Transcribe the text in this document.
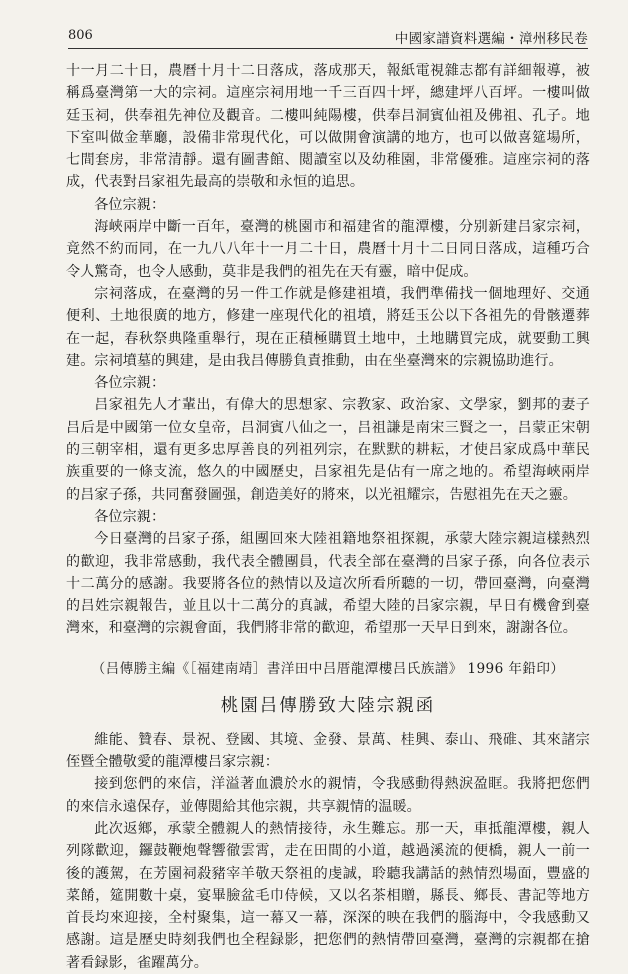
806	中國家譜資料選編・漳州移民卷

十一月二十日，農曆十月十二日落成，落成那天，報紙電視雜志都有詳細報導，被稱爲臺灣第一大的宗祠。這座宗祠用地一千三百四十坪，總建坪八百坪。一樓叫做廷玉祠，供奉祖先神位及觀音。二樓叫純陽樓，供奉吕洞賓仙祖及佛祖、孔子。地下室叫做金華廳，設備非常現代化，可以做開會演講的地方，也可以做喜筵場所，七間套房，非常清靜。還有圖書館、閲讀室以及幼稚園，非常優雅。這座宗祠的落成，代表對吕家祖先最高的崇敬和永恒的追思。

各位宗親：

海峽兩岸中斷一百年，臺灣的桃園市和福建省的龍潭樓，分别新建吕家宗祠，竟然不約而同，在一九八八年十一月二十日，農曆十月十二日同日落成，這種巧合令人驚奇，也令人感動，莫非是我們的祖先在天有靈，暗中促成。

宗祠落成，在臺灣的另一件工作就是修建祖墳，我們準備找一個地理好、交通便利、土地很廣的地方，修建一座現代化的祖墳，將廷玉公以下各祖先的骨骸遷葬在一起，春秋祭典隆重舉行，現在正積極購買土地中，土地購買完成，就要動工興建。宗祠墳墓的興建，是由我吕傳勝負責推動，由在坐臺灣來的宗親協助進行。

各位宗親：

吕家祖先人才輩出，有偉大的思想家、宗教家、政治家、文學家，劉邦的妻子吕后是中國第一位女皇帝，吕洞賓八仙之一，吕祖謙是南宋三賢之一，吕蒙正宋朝的三朝宰相，還有更多忠厚善良的列祖列宗，在默默的耕耘，才使吕家成爲中華民族重要的一條支流，悠久的中國歷史，吕家祖先是佔有一席之地的。希望海峽兩岸的吕家子孫，共同奮發圖强，創造美好的將來，以光祖耀宗，告慰祖先在天之靈。

各位宗親：

今日臺灣的吕家子孫，組團回來大陸祖籍地祭祖探親，承蒙大陸宗親這樣熱烈的歡迎，我非常感動，我代表全體團員，代表全部在臺灣的吕家子孫，向各位表示十二萬分的感謝。我要將各位的熱情以及這次所看所聽的一切，帶回臺灣，向臺灣的吕姓宗親報告，並且以十二萬分的真誠，希望大陸的吕家宗親，早日有機會到臺灣來，和臺灣的宗親會面，我們將非常的歡迎，希望那一天早日到來，謝謝各位。

（吕傳勝主編《［福建南靖］書洋田中吕厝龍潭樓吕氏族譜》 1996 年鉛印）
桃園吕傳勝致大陸宗親函

維能、贊春、景祝、登國、其境、金發、景萬、桂興、泰山、飛碓、其來諸宗侄暨全體敬愛的龍潭樓吕家宗親：

接到您們的來信，洋溢著血濃於水的親情，令我感動得熱淚盈眶。我將把您們的來信永遠保存，並傳閲給其他宗親，共享親情的温暖。

此次返鄉，承蒙全體親人的熱情接待，永生難忘。那一天，車抵龍潭樓，親人列隊歡迎，鑼鼓鞭炮聲響徹雲霄，走在田間的小道，越過溪流的便橋，親人一前一後的護駕，在芳園祠殺豬宰羊敬天祭祖的虔誠，聆聽我講話的熱情烈場面，豐盛的菜餚，筵開數十桌，宴畢臉盆毛巾侍候，又以名茶相贈，縣長、鄉長、書記等地方首長均來迎接，全村聚集，這一幕又一幕，深深的映在我們的腦海中，令我感動又感謝。這是歷史時刻我們也全程録影，把您們的熱情帶回臺灣，臺灣的宗親都在搶著看録影，雀躍萬分。
